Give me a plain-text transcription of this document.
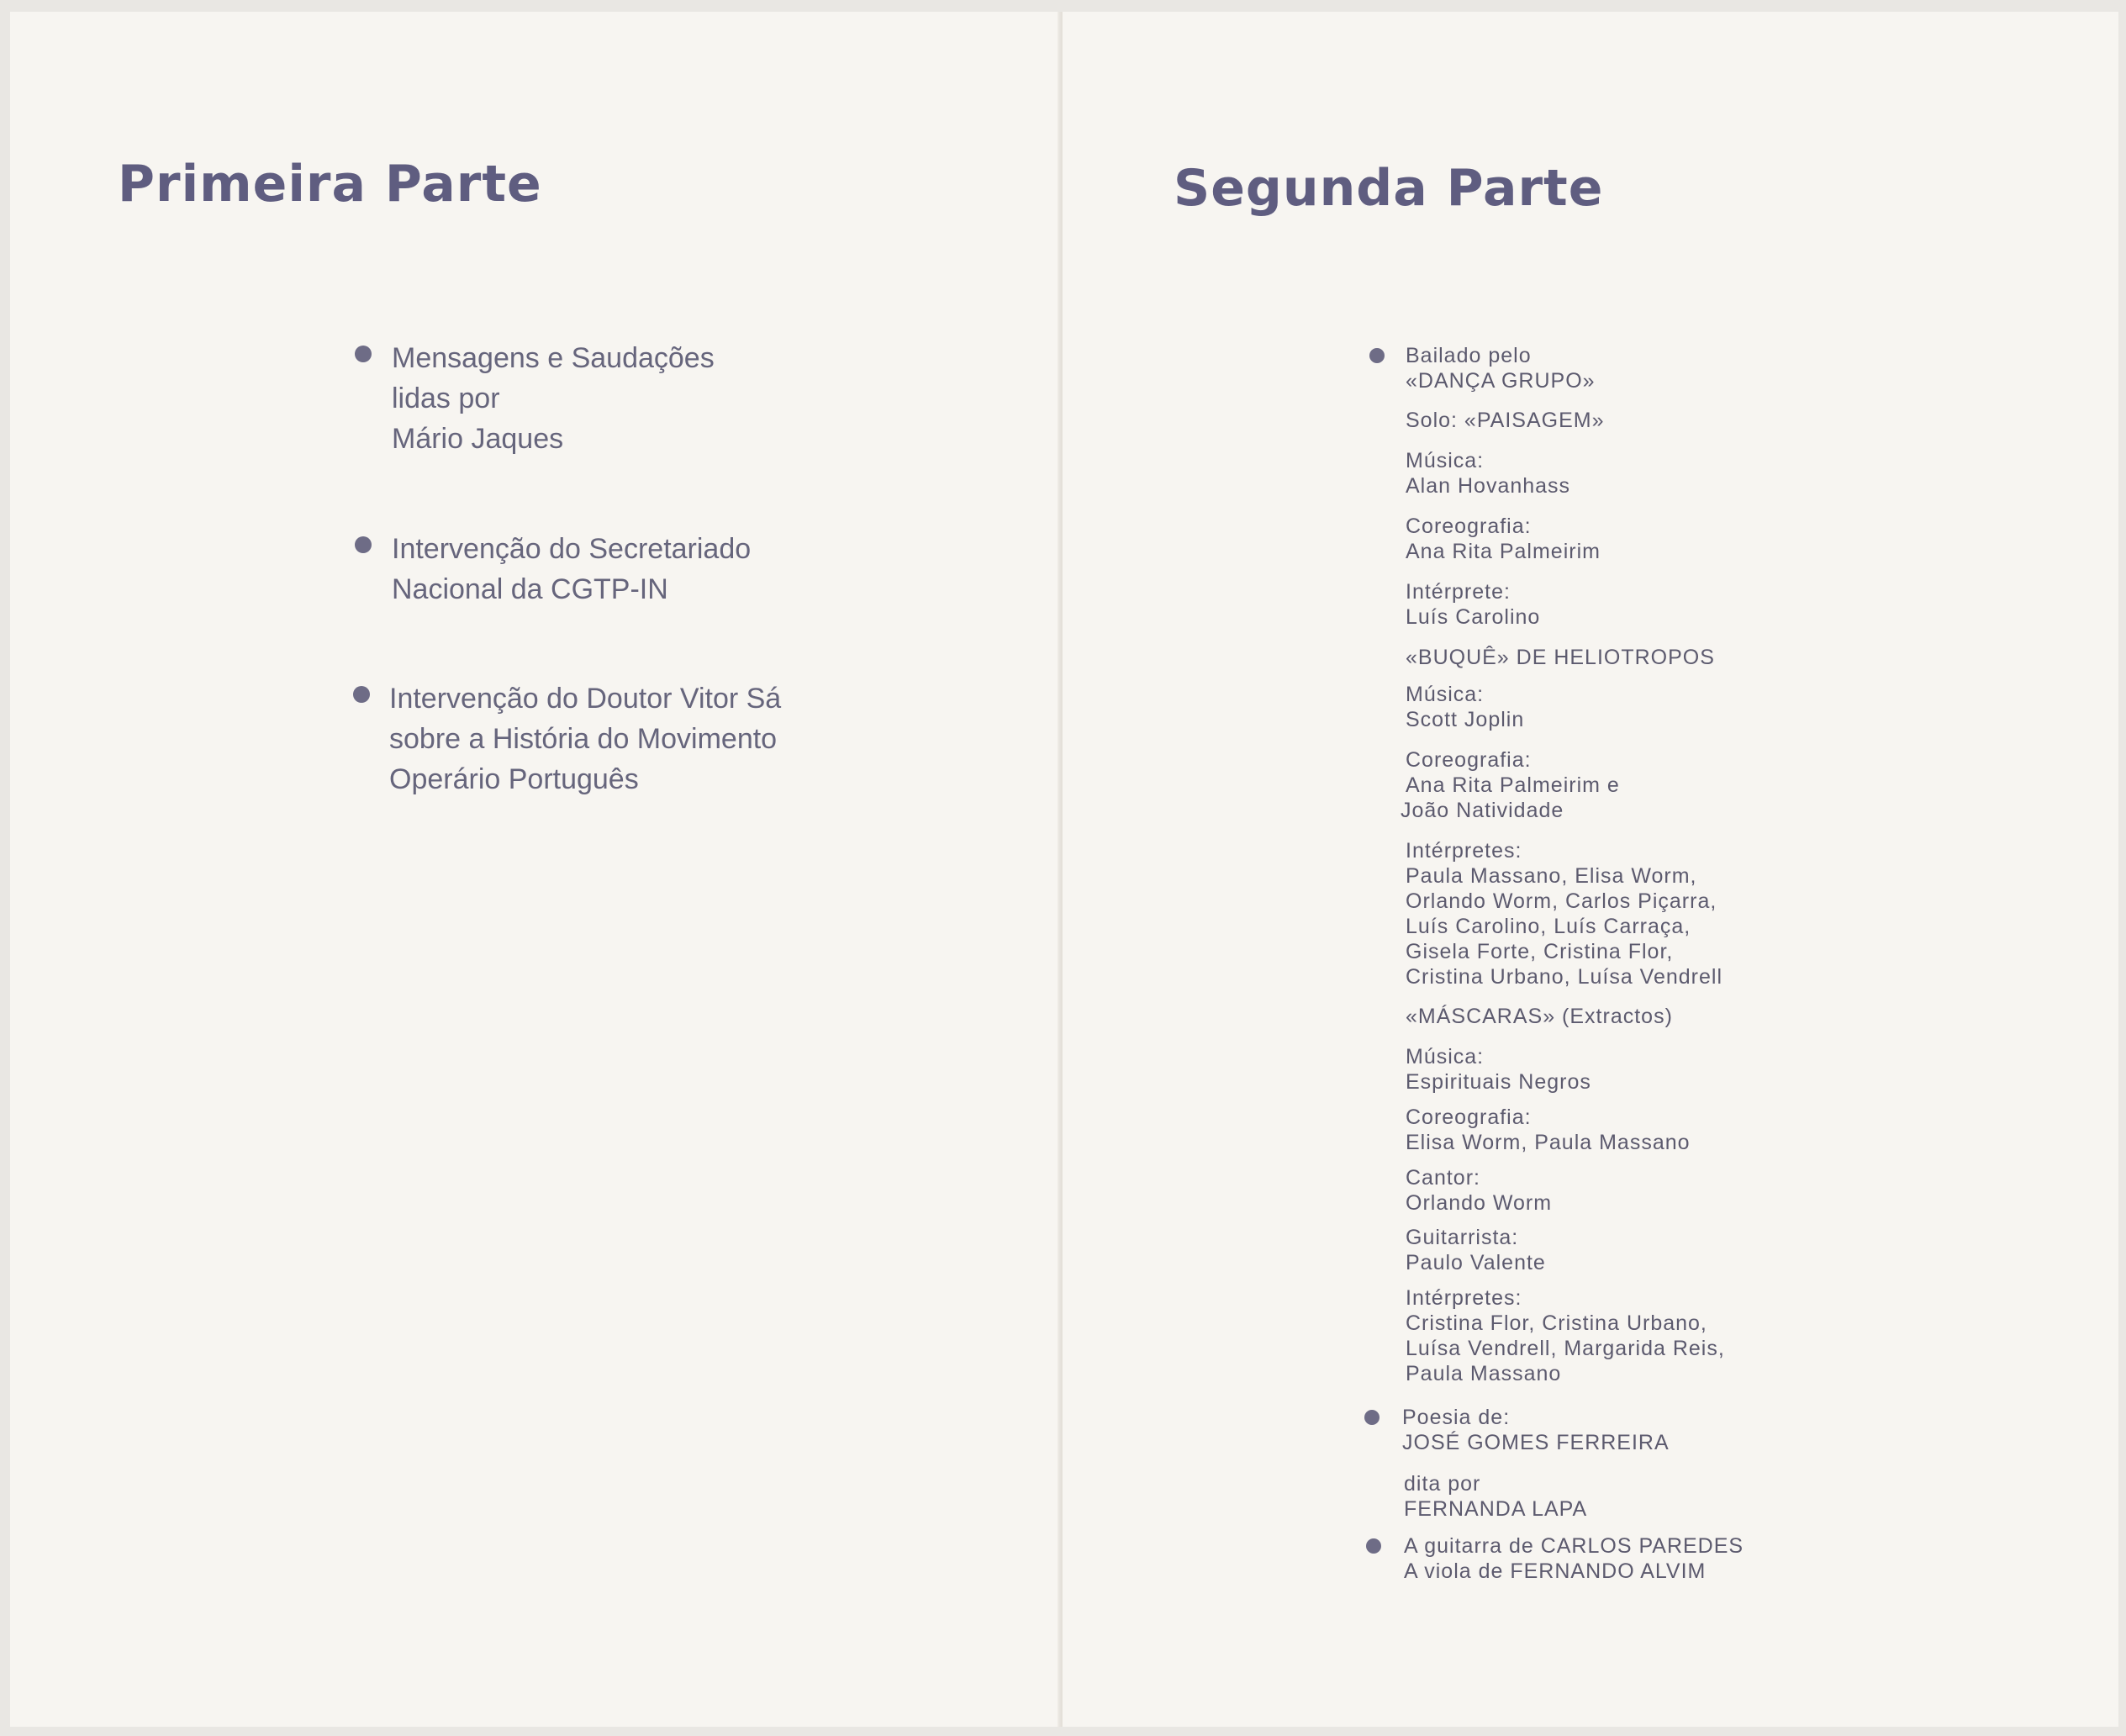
Primeira Parte	Segunda Parte
Mensagens e Saudações
lidas por
Mário Jaques
Intervenção do Secretariado
Nacional da CGTP-IN
Intervenção do Doutor Vitor Sá
sobre a História do Movimento
Operário Português
Bailado pelo
«DANÇA GRUPO»
Solo: «PAISAGEM»
Música:
Alan Hovanhass
Coreografia:
Ana Rita Palmeirim
Intérprete:
Luís Carolino
«BUQUÊ» DE HELIOTROPOS
Música:
Scott Joplin
Coreografia:
Ana Rita Palmeirim e
João Natividade
Intérpretes:
Paula Massano, Elisa Worm,
Orlando Worm, Carlos Piçarra,
Luís Carolino, Luís Carraça,
Gisela Forte, Cristina Flor,
Cristina Urbano, Luísa Vendrell
«MÁSCARAS» (Extractos)
Música:
Espirituais Negros
Coreografia:
Elisa Worm, Paula Massano
Cantor:
Orlando Worm
Guitarrista:
Paulo Valente
Intérpretes:
Cristina Flor, Cristina Urbano,
Luísa Vendrell, Margarida Reis,
Paula Massano
Poesia de:
JOSÉ GOMES FERREIRA
dita por
FERNANDA LAPA
A guitarra de CARLOS PAREDES
A viola de FERNANDO ALVIM
